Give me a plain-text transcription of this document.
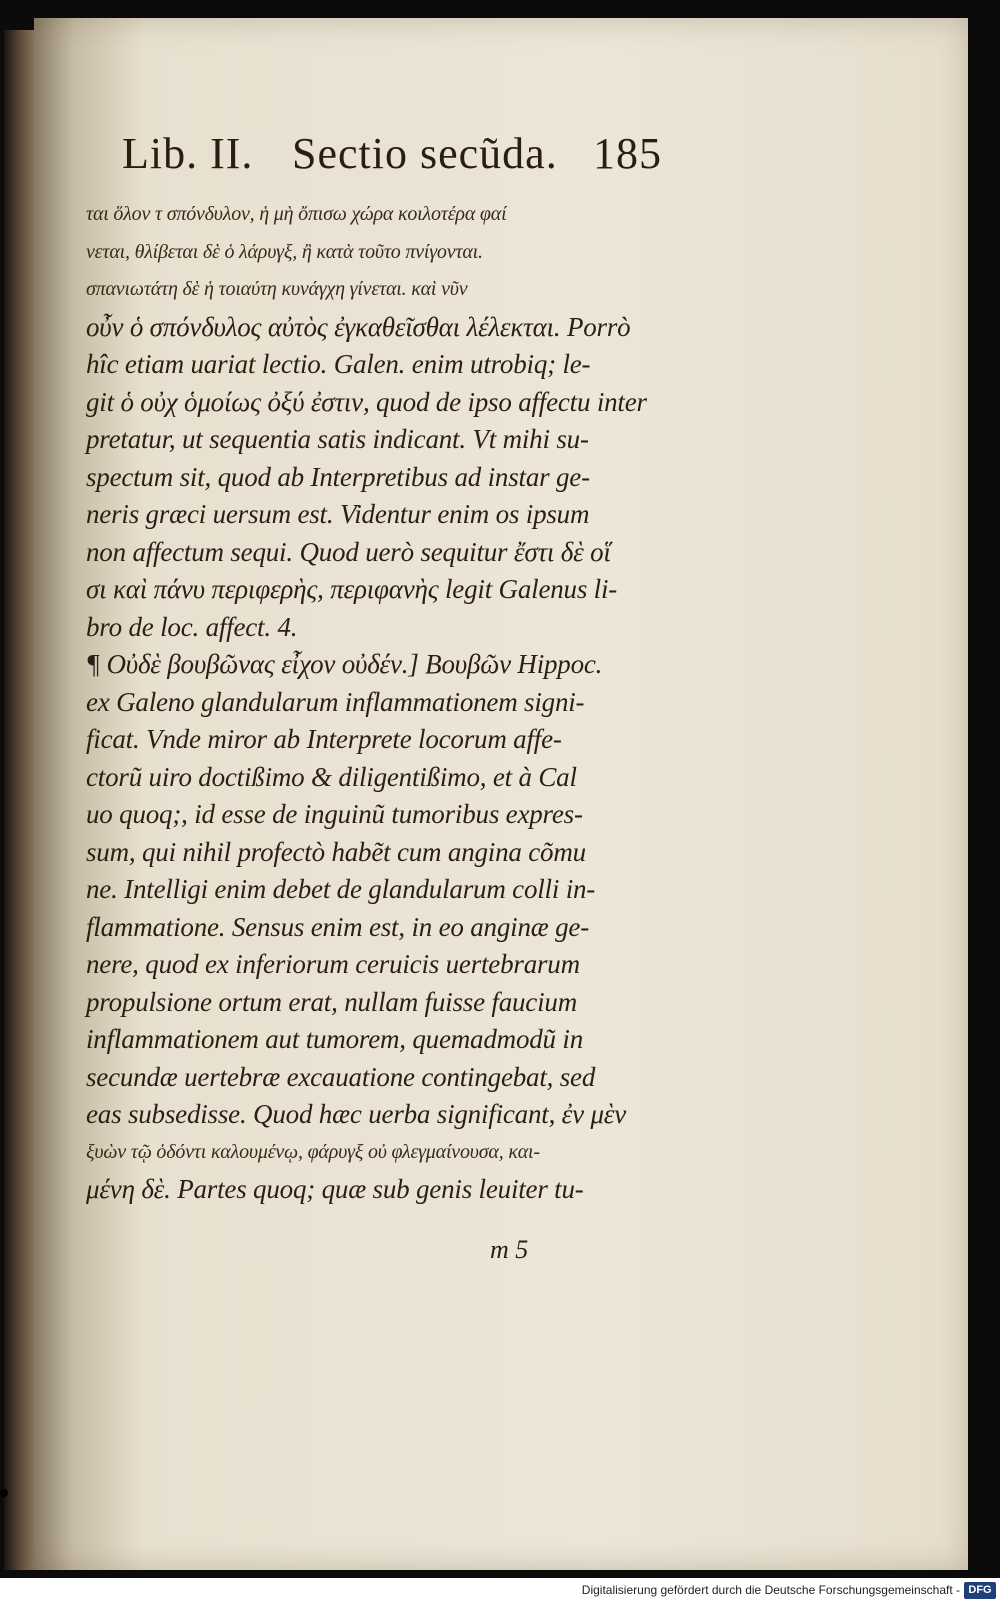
Lib. II. Sectio secũda. 185
ται ὅλον τ σπόνδυλον, ἡ μὴ ὄπισω χώρα κοιλοτέρα φαί
νεται, θλίβεται δὲ ὁ λάρυγξ, ἢ κατὰ τοῦτο πνίγονται.
σπανιωτάτη δὲ ἡ τοιαύτη κυνάγχη γίνεται. καὶ νῦν
οὖν ὁ σπόνδυλος αὐτὸς ἐγκαθεῖσθαι λέλεκται. Porrò
hîc etiam uariat lectio. Galen. enim utrobiq; le-
git ὁ οὐχ ὁμοίως ὀξύ ἐστιν, quod de ipso affectu inter
pretatur, ut sequentia satis indicant. Vt mihi su-
spectum sit, quod ab Interpretibus ad instar ge-
neris græci uersum est. Videntur enim os ipsum
non affectum sequi. Quod uerò sequitur ἔστι δὲ οἵ
σι καὶ πάνυ περιφερὴς, περιφανὴς legit Galenus li-
bro de loc. affect. 4.
¶ Οὐδὲ βουβῶνας εἶχον οὐδέν.] Βουβῶν Hippoc.
ex Galeno glandularum inflammationem signi-
ficat. Vnde miror ab Interprete locorum affe-
ctorũ uiro doctißimo & diligentißimo, et à Cal
uo quoq;, id esse de inguinũ tumoribus expres-
sum, qui nihil profectò habẽt cum angina cõmu
ne. Intelligi enim debet de glandularum colli in-
flammatione. Sensus enim est, in eo anginæ ge-
nere, quod ex inferiorum ceruicis uertebrarum
propulsione ortum erat, nullam fuisse faucium
inflammationem aut tumorem, quemadmodũ in
secundæ uertebræ excauatione contingebat, sed
eas subsedisse. Quod hæc uerba significant, ἐν μὲν
ξυὼν τῷ ὁδόντι καλουμένῳ, φάρυγξ οὐ φλεγμαίνουσα, και-
μένη δὲ. Partes quoq; quæ sub genis leuiter tu-
m 5
Digitalisierung gefördert durch die Deutsche Forschungsgemeinschaft - DFG
